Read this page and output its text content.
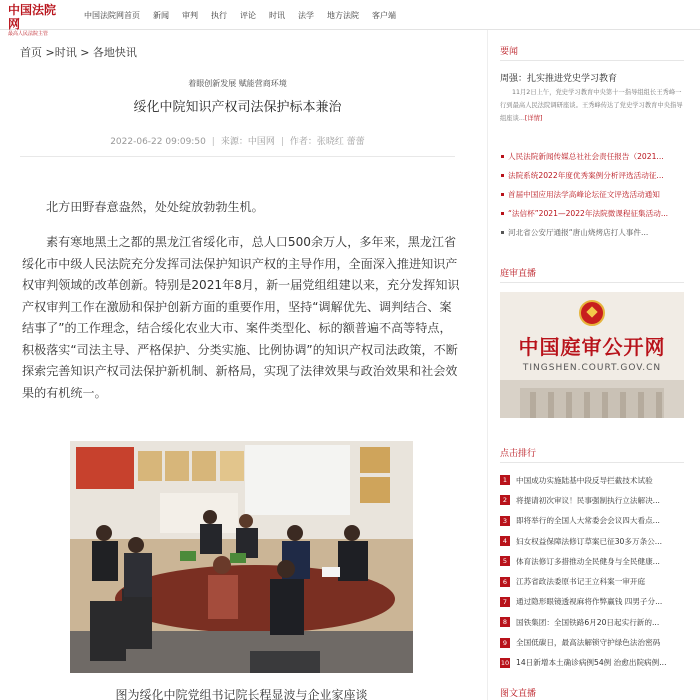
中国法院网
最高人民法院主管
中国法院网首页 新闻 审判 执行 评论 时讯 法学 地方法院 客户端
首页 >时讯 > 各地快讯
着眼创新发展 赋能营商环境
绥化中院知识产权司法保护标本兼治
2022-06-22 09:09:50 | 来源：中国网 | 作者：张晓红 蕾蕾

北方田野春意盎然，处处绽放勃勃生机。

素有寒地黑土之都的黑龙江省绥化市，总人口500余万人，多年来，黑龙江省绥化市中级人民法院充分发挥司法保护知识产权的主导作用，全面深入推进知识产权审判领域的改革创新。特别是2021年8月，新一届党组组建以来，充分发挥知识产权审判工作在激励和保护创新方面的重要作用，坚持“调解优先、调判结合、案结事了”的工作理念，结合绥化农业大市、案件类型化、标的额普遍不高等特点，积极落实“司法主导、严格保护、分类实施、比例协调”的知识产权司法政策，不断探索完善知识产权司法保护新机制、新格局，实现了法律效果与政治效果和社会效果的有机统一。

图为绥化中院党组书记院长程显波与企业家座谈
要闻
周强：扎实推进党史学习教育
11月2日上午，党史学习教育中央第十一指导组组长王秀峰一行到最高人民法院调研座谈。王秀峰传达了党史学习教育中央指导组座谈...[详情]
人民法院新闻传媒总社社会责任报告（2021...
法院系统2022年度优秀案例分析评选活动征...
首届中国应用法学高峰论坛征文评选活动通知
“法信杯”2021—2022年法院微课程征集活动...
河北省公安厅通报“唐山烧烤店打人事件...
庭审直播
中国庭审公开网
TINGSHEN.COURT.GOV.CN
点击排行
1	中国成功实施陆基中段反导拦截技术试验
2	将提请初次审议！民事强制执行立法解决...
3	即将举行的全国人大常委会会议四大看点...
4	妇女权益保障法修订草案已征30多万条公...
5	体育法修订多措推动全民健身与全民健康...
6	江苏省政法委原书记王立科案一审开庭
7	通过隐形眼镜透视麻将作弊赢钱 四男子分...
8	国铁集团：全国铁路6月20日起实行新的...
9	全国低碳日，最高法解锁守护绿色法治密码
10 14日新增本土确诊病例54例 治愈出院病例...
图文直播
